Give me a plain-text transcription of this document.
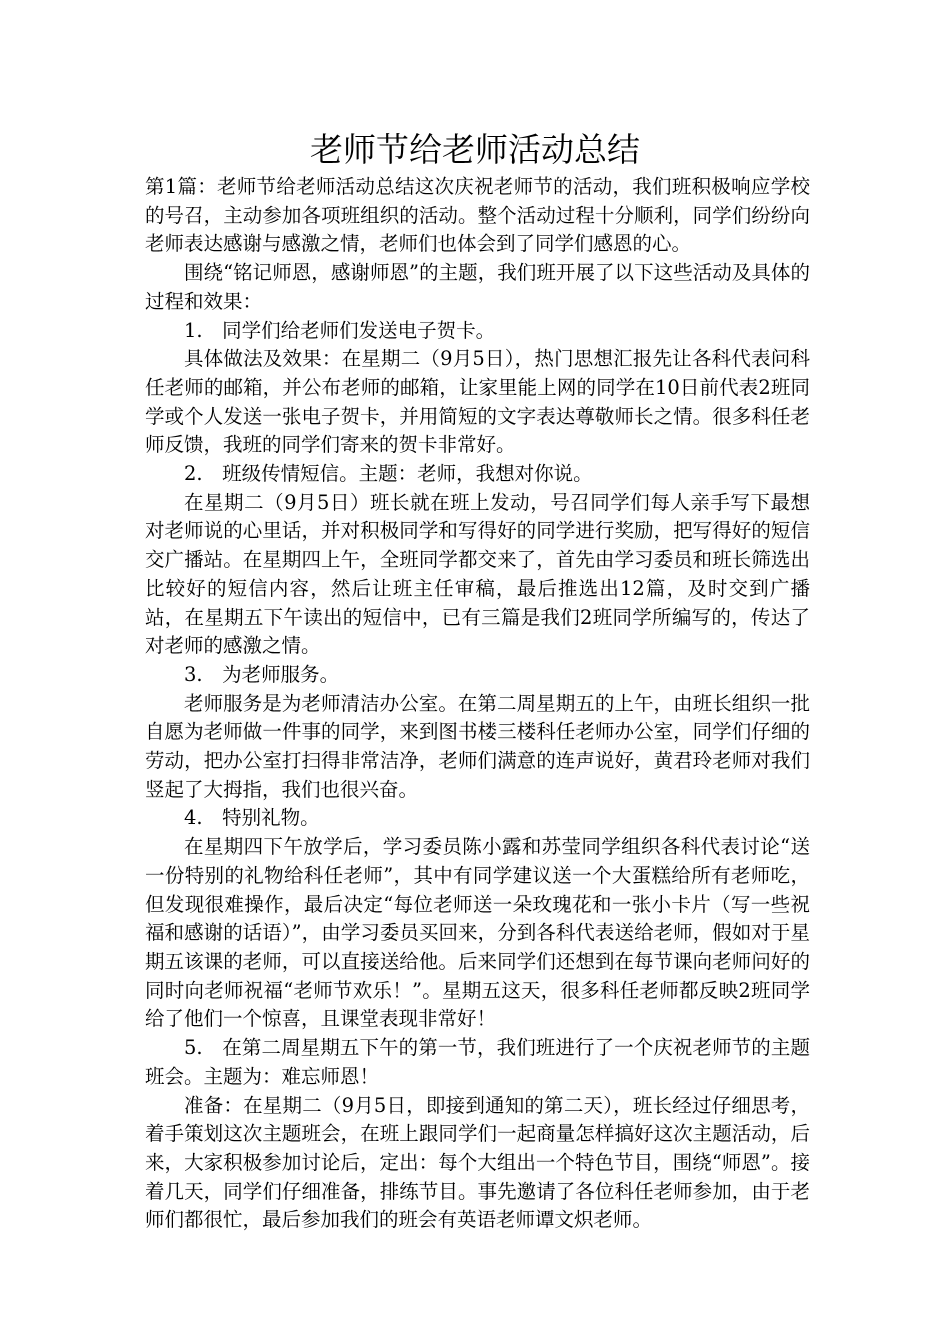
老师节给老师活动总结

第1篇：老师节给老师活动总结这次庆祝老师节的活动，我们班积极响应学校的号召，主动参加各项班组织的活动。整个活动过程十分顺利，同学们纷纷向老师表达感谢与感激之情，老师们也体会到了同学们感恩的心。

围绕“铭记师恩，感谢师恩”的主题，我们班开展了以下这些活动及具体的过程和效果：

1.　同学们给老师们发送电子贺卡。

具体做法及效果：在星期二（9月5日），热门思想汇报先让各科代表问科任老师的邮箱，并公布老师的邮箱，让家里能上网的同学在10日前代表2班同学或个人发送一张电子贺卡，并用简短的文字表达尊敬师长之情。很多科任老师反馈，我班的同学们寄来的贺卡非常好。

2.　班级传情短信。主题：老师，我想对你说。

在星期二（9月5日）班长就在班上发动，号召同学们每人亲手写下最想对老师说的心里话，并对积极同学和写得好的同学进行奖励，把写得好的短信交广播站。在星期四上午，全班同学都交来了，首先由学习委员和班长筛选出比较好的短信内容，然后让班主任审稿，最后推选出12篇，及时交到广播站，在星期五下午读出的短信中，已有三篇是我们2班同学所编写的，传达了对老师的感激之情。

3.　为老师服务。

老师服务是为老师清洁办公室。在第二周星期五的上午，由班长组织一批自愿为老师做一件事的同学，来到图书楼三楼科任老师办公室，同学们仔细的劳动，把办公室打扫得非常洁净，老师们满意的连声说好，黄君玲老师对我们竖起了大拇指，我们也很兴奋。

4.　特别礼物。

在星期四下午放学后，学习委员陈小露和苏莹同学组织各科代表讨论“送一份特别的礼物给科任老师”，其中有同学建议送一个大蛋糕给所有老师吃，但发现很难操作，最后决定“每位老师送一朵玫瑰花和一张小卡片（写一些祝福和感谢的话语）”，由学习委员买回来，分到各科代表送给老师，假如对于星期五该课的老师，可以直接送给他。后来同学们还想到在每节课向老师问好的同时向老师祝福“老师节欢乐！”。星期五这天，很多科任老师都反映2班同学给了他们一个惊喜，且课堂表现非常好！

5.　在第二周星期五下午的第一节，我们班进行了一个庆祝老师节的主题班会。主题为：难忘师恩！

准备：在星期二（9月5日，即接到通知的第二天），班长经过仔细思考，着手策划这次主题班会，在班上跟同学们一起商量怎样搞好这次主题活动，后来，大家积极参加讨论后，定出：每个大组出一个特色节目，围绕“师恩”。接着几天，同学们仔细准备，排练节目。事先邀请了各位科任老师参加，由于老师们都很忙，最后参加我们的班会有英语老师谭文炽老师。
